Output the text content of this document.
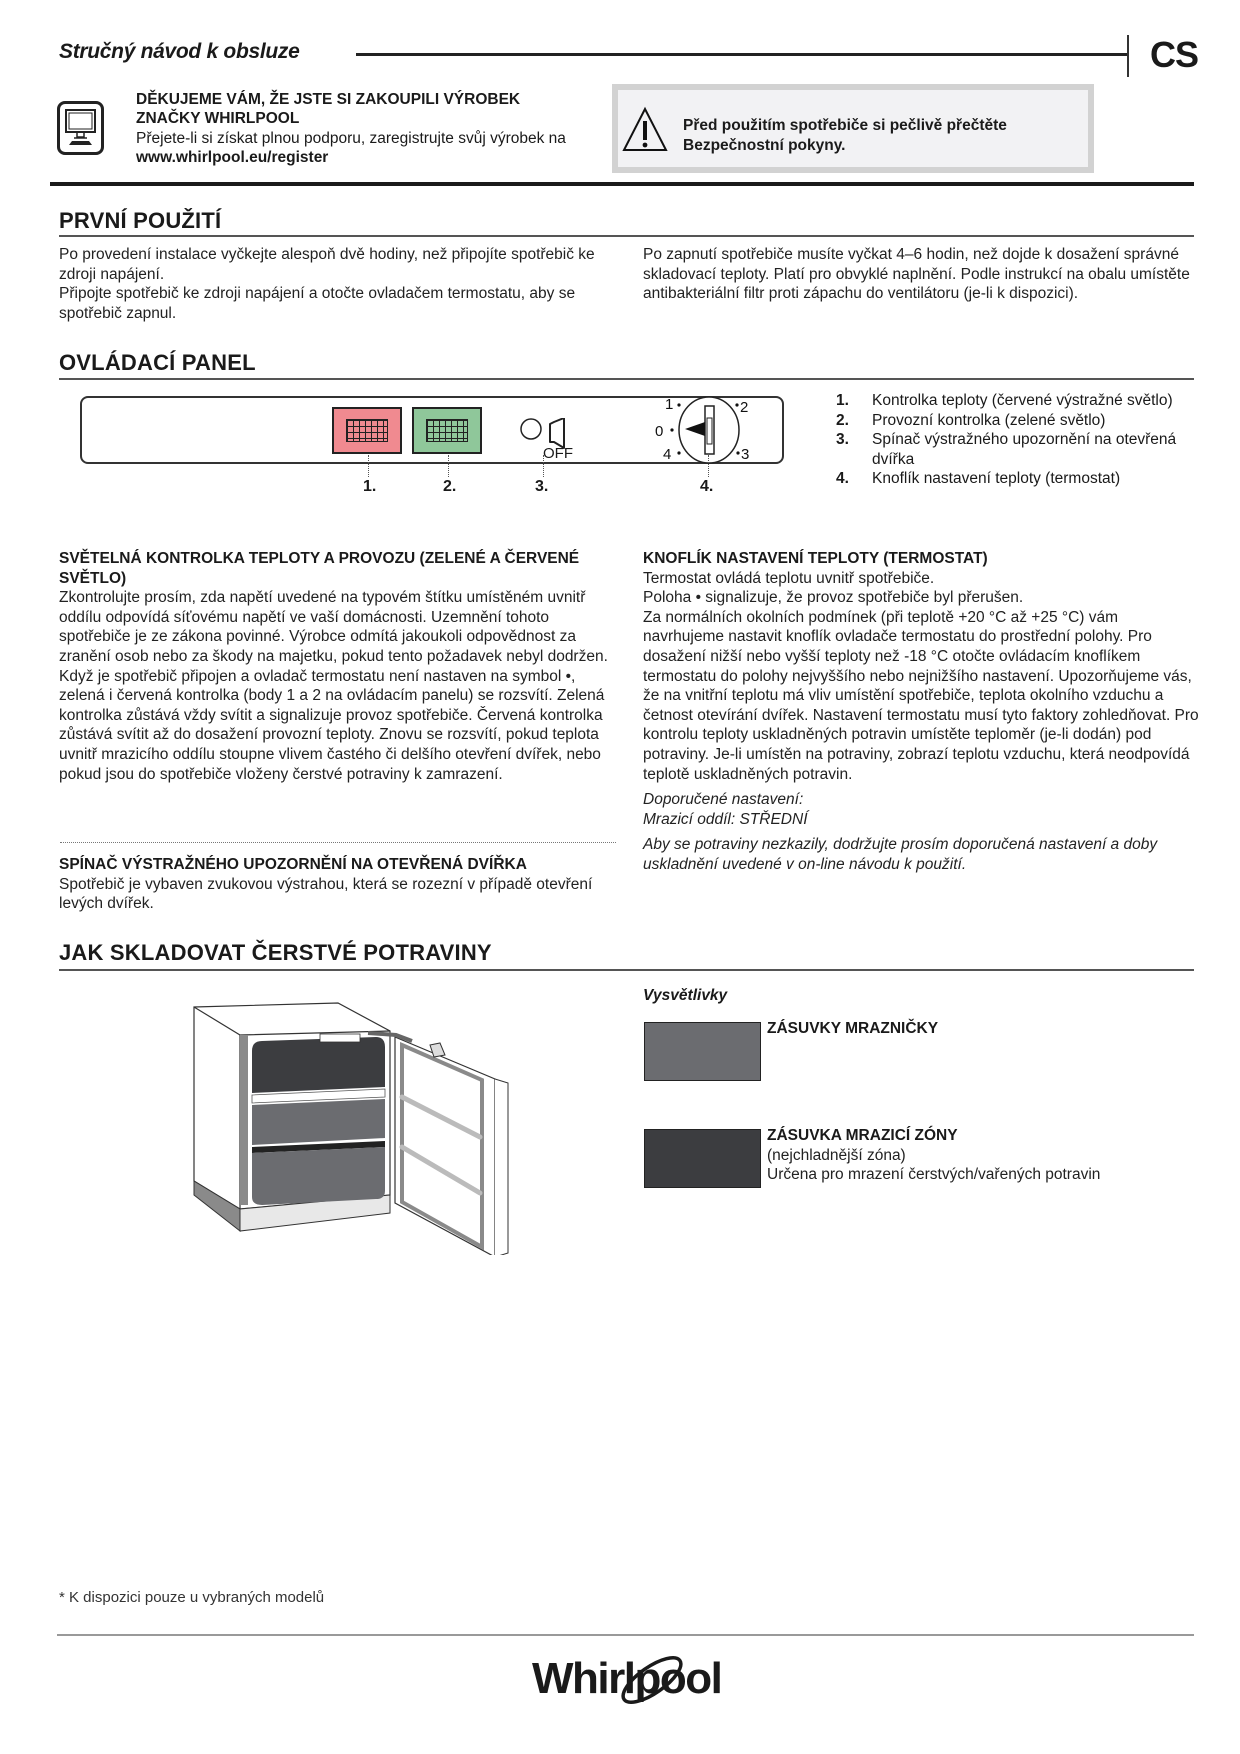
Stručný návod k obsluze	CS
DĚKUJEME VÁM, ŽE JSTE SI ZAKOUPILI VÝROBEK ZNAČKY WHIRLPOOL
Přejete-li si získat plnou podporu, zaregistrujte svůj výrobek na www.whirlpool.eu/register
Před použitím spotřebiče si pečlivě přečtěte Bezpečnostní pokyny.
PRVNÍ POUŽITÍ

Po provedení instalace vyčkejte alespoň dvě hodiny, než připojíte spotřebič ke zdroji napájení.

Připojte spotřebič ke zdroji napájení a otočte ovladačem termostatu, aby se spotřebič zapnul.

Po zapnutí spotřebiče musíte vyčkat 4–6 hodin, než dojde k dosažení správné skladovací teploty. Platí pro obvyklé naplnění. Podle instrukcí na obalu umístěte antibakteriální filtr proti zápachu do ventilátoru (je-li k dispozici).
OVLÁDACÍ PANEL
OFF
1	2
0
4	3
1.	2.	3.	4.
1.	Kontrolka teploty (červené výstražné světlo)
2.	Provozní kontrolka (zelené světlo)
3.	Spínač výstražného upozornění na otevřená dvířka
4.	Knoflík nastavení teploty (termostat)
SVĚTELNÁ KONTROLKA TEPLOTY A PROVOZU (ZELENÉ A ČERVENÉ SVĚTLO)

Zkontrolujte prosím, zda napětí uvedené na typovém štítku umístěném uvnitř oddílu odpovídá síťovému napětí ve vaší domácnosti. Uzemnění tohoto spotřebiče je ze zákona povinné. Výrobce odmítá jakoukoli odpovědnost za zranění osob nebo za škody na majetku, pokud tento požadavek nebyl dodržen.

Když je spotřebič připojen a ovladač termostatu není nastaven na symbol •, zelená i červená kontrolka (body 1 a 2 na ovládacím panelu) se rozsvítí. Zelená kontrolka zůstává vždy svítit a signalizuje provoz spotřebiče. Červená kontrolka zůstává svítit až do dosažení provozní teploty. Znovu se rozsvítí, pokud teplota uvnitř mrazicího oddílu stoupne vlivem častého či delšího otevření dvířek, nebo pokud jsou do spotřebiče vloženy čerstvé potraviny k zamrazení.

SPÍNAČ VÝSTRAŽNÉHO UPOZORNĚNÍ NA OTEVŘENÁ DVÍŘKA
Spotřebič je vybaven zvukovou výstrahou, která se rozezní v případě otevření levých dvířek.
KNOFLÍK NASTAVENÍ TEPLOTY (TERMOSTAT)

Termostat ovládá teplotu uvnitř spotřebiče.

Poloha • signalizuje, že provoz spotřebiče byl přerušen.

Za normálních okolních podmínek (při teplotě +20 °C až +25 °C) vám navrhujeme nastavit knoflík ovladače termostatu do prostřední polohy. Pro dosažení nižší nebo vyšší teploty než -18 °C otočte ovládacím knoflíkem termostatu do polohy nejvyššího nebo nejnižšího nastavení. Upozorňujeme vás, že na vnitřní teplotu má vliv umístění spotřebiče, teplota okolního vzduchu a četnost otevírání dvířek. Nastavení termostatu musí tyto faktory zohledňovat. Pro kontrolu teploty uskladněných potravin umístěte teploměr (je-li dodán) pod potraviny. Je-li umístěn na potraviny, zobrazí teplotu vzduchu, která neodpovídá teplotě uskladněných potravin.

Doporučené nastavení:

Mrazicí oddíl: STŘEDNÍ

Aby se potraviny nezkazily, dodržujte prosím doporučená nastavení a doby uskladnění uvedené v on-line návodu k použití.
JAK SKLADOVAT ČERSTVÉ POTRAVINY
Vysvětlivky
ZÁSUVKY MRAZNIČKY
ZÁSUVKA MRAZICÍ ZÓNY
(nejchladnější zóna)
Určena pro mrazení čerstvých/vařených potravin
* K dispozici pouze u vybraných modelů
Whirlpool
